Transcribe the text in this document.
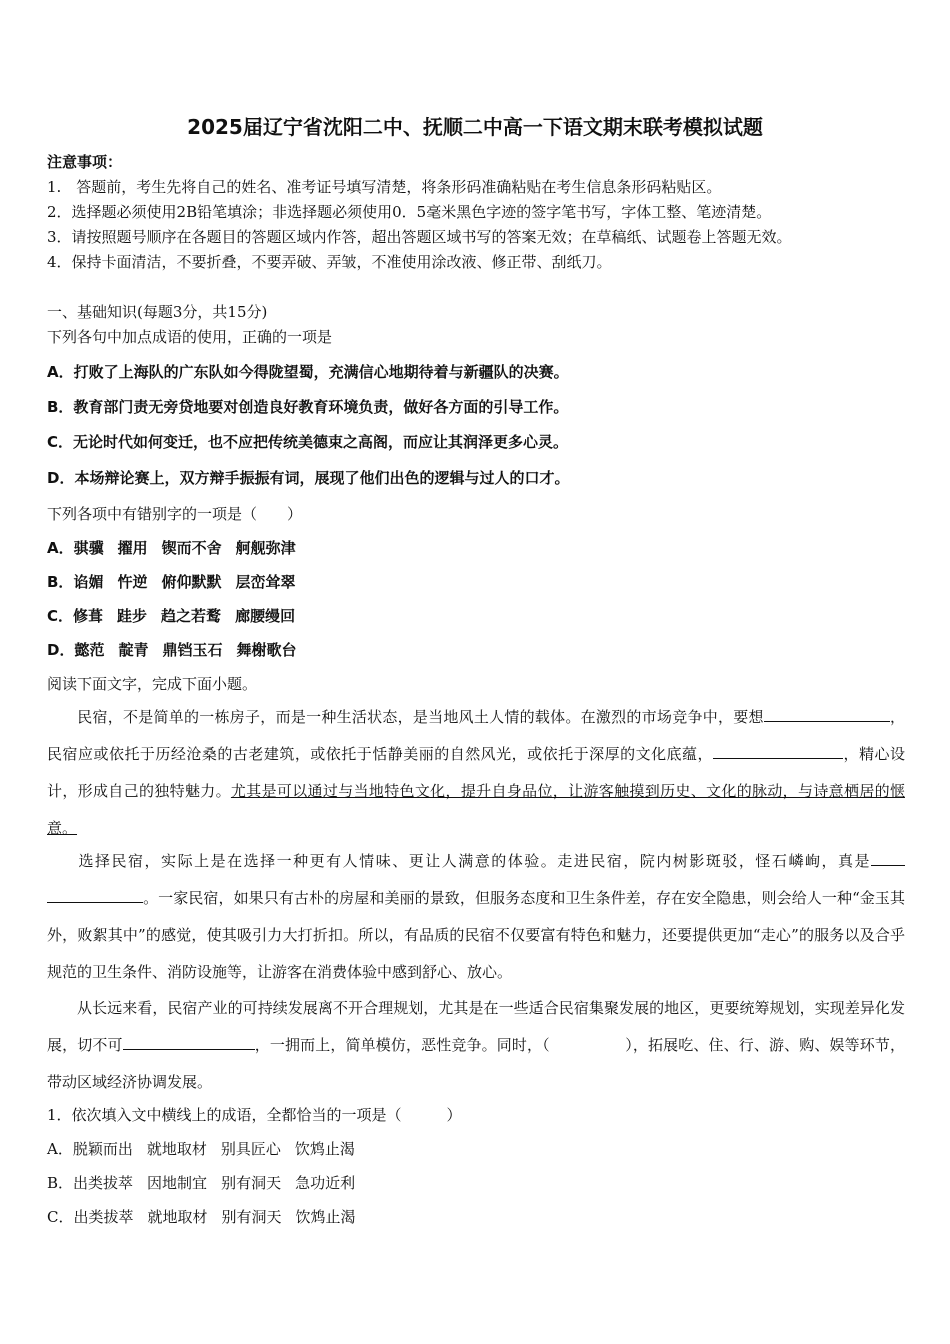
2025届辽宁省沈阳二中、抚顺二中高一下语文期末联考模拟试题
注意事项：
1.　答题前，考生先将自己的姓名、准考证号填写清楚，将条形码准确粘贴在考生信息条形码粘贴区。
2．选择题必须使用2B铅笔填涂；非选择题必须使用0．5毫米黑色字迹的签字笔书写，字体工整、笔迹清楚。
3．请按照题号顺序在各题目的答题区域内作答，超出答题区域书写的答案无效；在草稿纸、试题卷上答题无效。
4．保持卡面清洁，不要折叠，不要弄破、弄皱，不准使用涂改液、修正带、刮纸刀。
一、基础知识(每题3分，共15分)
下列各句中加点成语的使用，正确的一项是
A．打败了上海队的广东队如今得陇望蜀，充满信心地期待着与新疆队的决赛。
B．教育部门责无旁贷地要对创造良好教育环境负责，做好各方面的引导工作。
C．无论时代如何变迁，也不应把传统美德束之高阁，而应让其润泽更多心灵。
D．本场辩论赛上，双方辩手振振有词，展现了他们出色的逻辑与过人的口才。
下列各项中有错别字的一项是（　　）
A．骐骥 擢用 锲而不舍 舸舰弥津
B．谄媚 忤逆 俯仰默默 层峦耸翠
C．修葺 跬步 趋之若鹜 廊腰缦回
D．懿范 靛青 鼎铛玉石 舞榭歌台
阅读下面文字，完成下面小题。
民宿，不是简单的一栋房子，而是一种生活状态，是当地风土人情的载体。在激烈的市场竞争中，要想	，民宿应或依托于历经沧桑的古老建筑，或依托于恬静美丽的自然风光，或依托于深厚的文化底蕴，	，精心设计，形成自己的独特魅力。尤其是可以通过与当地特色文化，提升自身品位，让游客触摸到历史、文化的脉动，与诗意栖居的惬意。
选择民宿，实际上是在选择一种更有人情味、更让人满意的体验。走进民宿，院内树影斑驳，怪石嶙峋，真是。一家民宿，如果只有古朴的房屋和美丽的景致，但服务态度和卫生条件差，存在安全隐患，则会给人一种“金玉其外，败絮其中”的感觉，使其吸引力大打折扣。所以，有品质的民宿不仅要富有特色和魅力，还要提供更加“走心”的服务以及合乎规范的卫生条件、消防设施等，让游客在消费体验中感到舒心、放心。
从长远来看，民宿产业的可持续发展离不开合理规划，尤其是在一些适合民宿集聚发展的地区，更要统筹规划，实现差异化发展，切不可	，一拥而上，简单模仿，恶性竞争。同时，（　　　　　），拓展吃、住、行、游、购、娱等环节，带动区域经济协调发展。
1．依次填入文中横线上的成语，全都恰当的一项是（　　　）
A．脱颖而出 就地取材 别具匠心 饮鸩止渴
B．出类拔萃 因地制宜 别有洞天 急功近利
C．出类拔萃 就地取材 别有洞天 饮鸩止渴
